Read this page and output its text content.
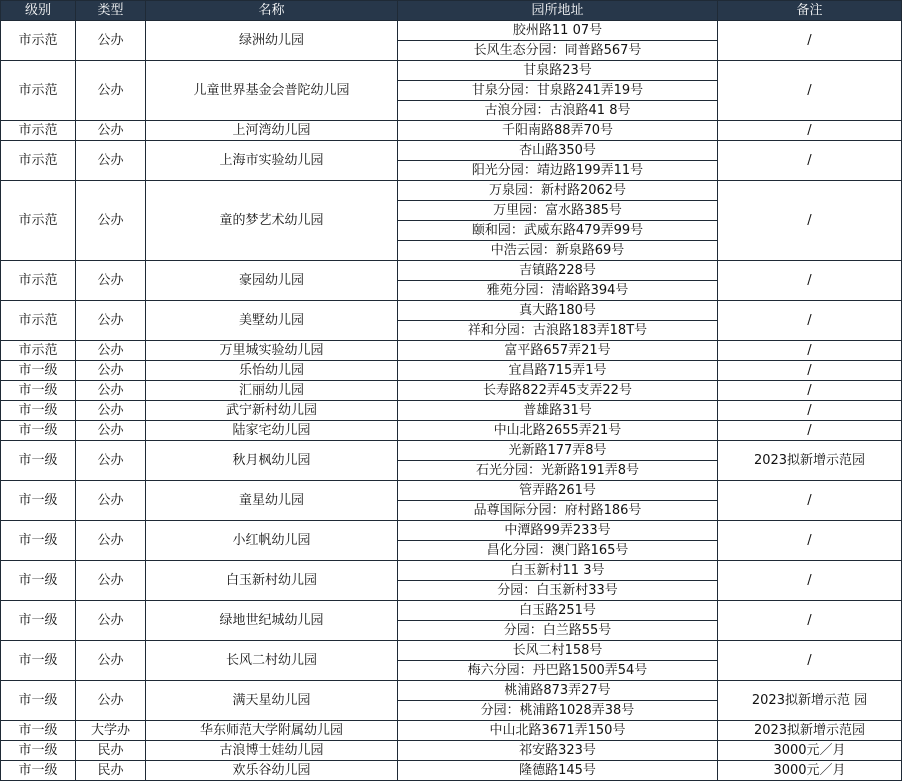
级别	类型	名称	园所地址	备注
市示范	公办	绿洲幼儿园	胶州路11 07号	/
			长风生态分园：同普路567号	
市示范	公办	儿童世界基金会普陀幼儿园	甘泉路23号	/
			甘泉分园：甘泉路241弄19号	
			古浪分园：古浪路41 8号	
市示范	公办	上河湾幼儿园	千阳南路88弄70号	/
市示范	公办	上海市实验幼儿园	杏山路350号	/
			阳光分园：靖边路199弄11号	
市示范	公办	童的梦艺术幼儿园	万泉园：新村路2062号	/
			万里园：富水路385号	
			颐和园：武威东路479弄99号	
			中浩云园：新泉路69号	
市示范	公办	豪园幼儿园	吉镇路228号	/
			雅苑分园：清峪路394号	
市示范	公办	美墅幼儿园	真大路180号	/
			祥和分园：古浪路183弄18T号	
市示范	公办	万里城实验幼儿园	富平路657弄21号	/
市一级	公办	乐怡幼儿园	宜昌路715弄1号	/
市一级	公办	汇丽幼儿园	长寿路822弄45支弄22号	/
市一级	公办	武宁新村幼儿园	普雄路31号	/
市一级	公办	陆家宅幼儿园	中山北路2655弄21号	/
市一级	公办	秋月枫幼儿园	光新路177弄8号	2023拟新增示范园
			石光分园：光新路191弄8号	
市一级	公办	童星幼儿园	管弄路261号	/
			品尊国际分园：府村路186号	
市一级	公办	小红帆幼儿园	中潭路99弄233号	/
			昌化分园：澳门路165号	
市一级	公办	白玉新村幼儿园	白玉新村11 3号	/
			分园：白玉新村33号	
市一级	公办	绿地世纪城幼儿园	白玉路251号	/
			分园：白兰路55号	
市一级	公办	长风二村幼儿园	长风二村158号	/
			梅六分园：丹巴路1500弄54号	
市一级	公办	满天星幼儿园	桃浦路873弄27号	2023拟新增示范 园
			分园：桃浦路1028弄38号	
市一级	大学办	华东师范大学附属幼儿园	中山北路3671弄150号	2023拟新增示范园
市一级	民办	古浪博士娃幼儿园	祁安路323号	3000元／月
市一级	民办	欢乐谷幼儿园	隆德路145号	3000元／月
